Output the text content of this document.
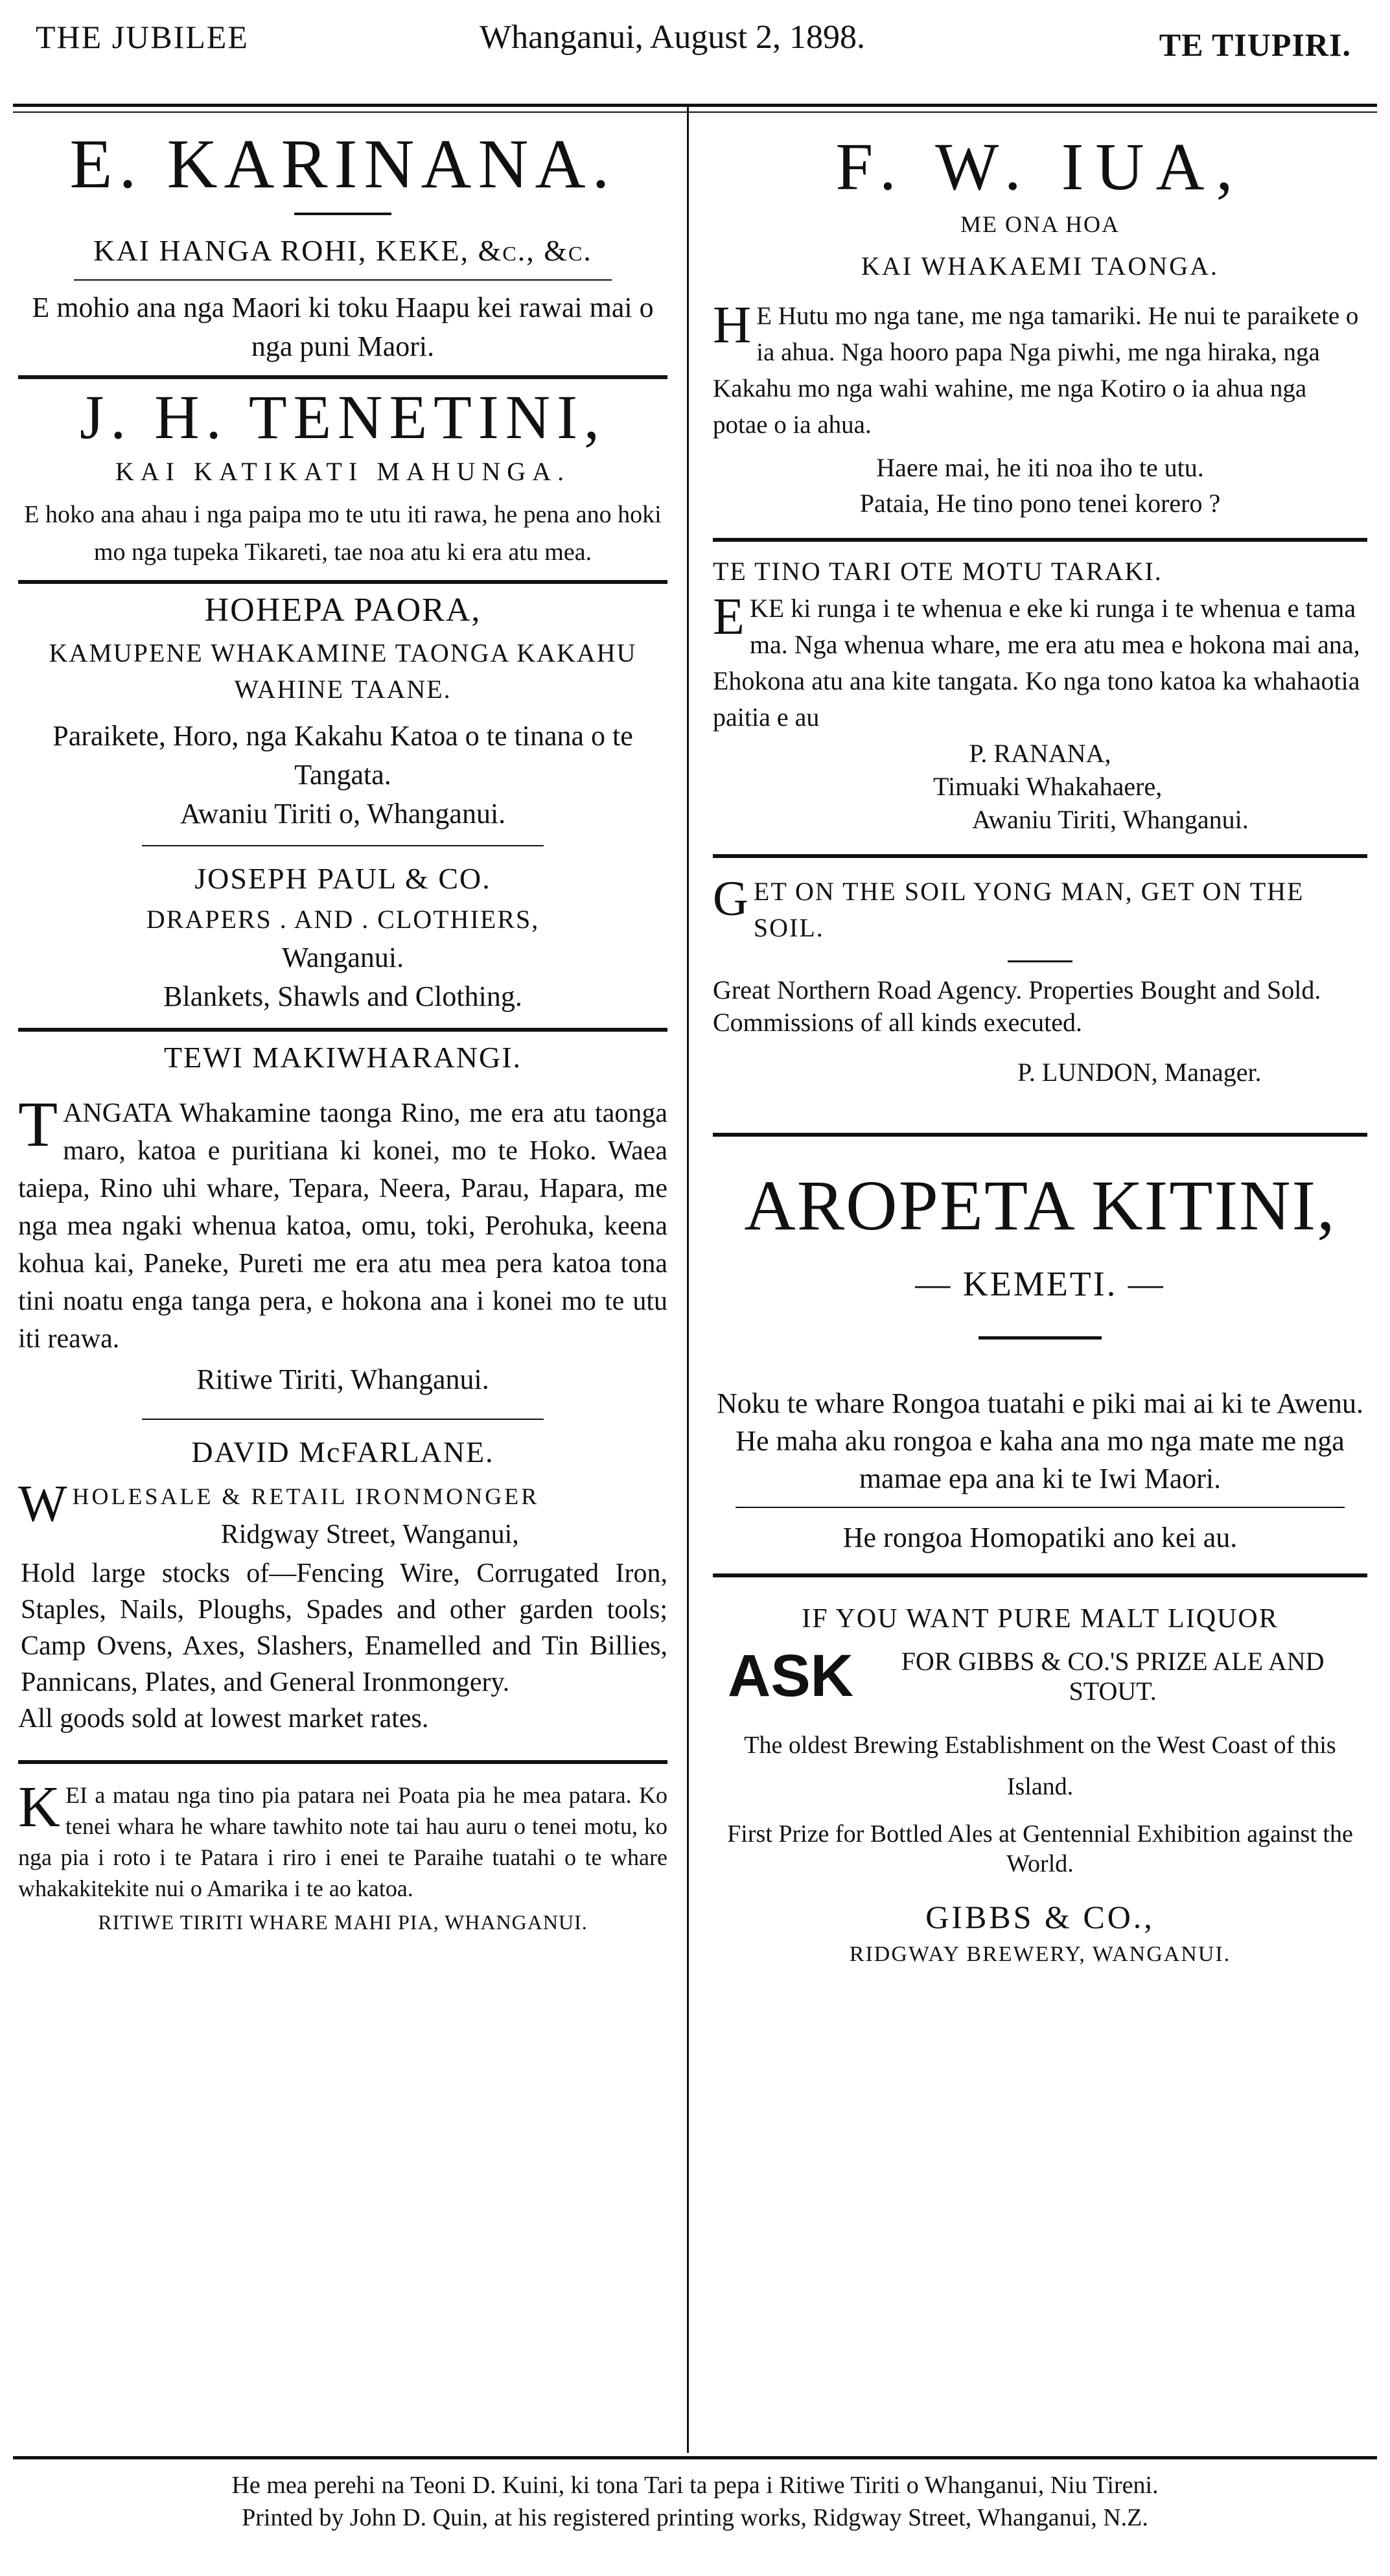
THE JUBILEE	Whanganui, August 2, 1898.	TE TIUPIRI.
E. KARINANA.
KAI HANGA ROHI, KEKE, &c., &c.

E mohio ana nga Maori ki toku Haapu kei rawai mai o nga puni Maori.

J. H. TENETINI,
KAI KATIKATI MAHUNGA.

E hoko ana ahau i nga paipa mo te utu iti rawa, he pena ano hoki mo nga tupeka Tikareti, tae noa atu ki era atu mea.

HOHEPA PAORA,
KAMUPENE WHAKAMINE TAONGA KAKAHU WAHINE TAANE.

Paraikete, Horo, nga Kakahu Katoa o te tinana o te Tangata.

Awaniu Tiriti o, Whanganui.

JOSEPH PAUL & CO.
DRAPERS . AND . CLOTHIERS,

Wanganui.

Blankets, Shawls and Clothing.

TEWI MAKIWHARANGI.
T ANGATA Whakamine taonga Rino, me era atu taonga maro, katoa e puritiana ki konei, mo te Hoko. Waea taiepa, Rino uhi whare, Tepara, Neera, Parau, Hapara, me nga mea ngaki whenua katoa, omu, toki, Perohuka, keena kohua kai, Paneke, Pureti me era atu mea pera katoa tona tini noatu enga tanga pera, e hokona ana i konei mo te utu iti reawa.

Ritiwe Tiriti, Whanganui.

DAVID McFARLANE.
W HOLESALE & RETAIL IRONMONGER
Ridgway Street, Wanganui,

Hold large stocks of—Fencing Wire, Corrugated Iron, Staples, Nails, Ploughs, Spades and other garden tools; Camp Ovens, Axes, Slashers, Enamelled and Tin Billies, Pannicans, Plates, and General Ironmongery.

All goods sold at lowest market rates.

K EI a matau nga tino pia patara nei Poata pia he mea patara. Ko tenei whara he whare tawhito note tai hau auru o tenei motu, ko nga pia i roto i te Patara i riro i enei te Paraihe tuatahi o te whare whakakitekite nui o Amarika i te ao katoa.

RITIWE TIRITI WHARE MAHI PIA, WHANGANUI.
F. W. IUA,
ME ONA HOA
KAI WHAKAEMI TAONGA.
H E Hutu mo nga tane, me nga tamariki. He nui te paraikete o ia ahua. Nga hooro papa Nga piwhi, me nga hiraka, nga Kakahu mo nga wahi wahine, me nga Kotiro o ia ahua nga potae o ia ahua.

Haere mai, he iti noa iho te utu.

Pataia, He tino pono tenei korero ?

TE TINO TARI OTE MOTU TARAKI.
E KE ki runga i te whenua e eke ki runga i te whenua e tama ma. Nga whenua whare, me era atu mea e hokona mai ana, Ehokona atu ana kite tangata. Ko nga tono katoa ka whahaotia paitia e au

P. RANANA,

Timuaki Whakahaere,

Awaniu Tiriti, Whanganui.

G ET ON THE SOIL YONG MAN, GET ON THE SOIL.

Great Northern Road Agency. Properties Bought and Sold. Commissions of all kinds executed.

P. LUNDON, Manager.

AROPETA KITINI,
— KEMETI. —

Noku te whare Rongoa tuatahi e piki mai ai ki te Awenu. He maha aku rongoa e kaha ana mo nga mate me nga mamae epa ana ki te Iwi Maori.

He rongoa Homopatiki ano kei au.

IF YOU WANT PURE MALT LIQUOR
ASK	FOR GIBBS & CO.'S PRIZE ALE AND STOUT.

The oldest Brewing Establishment on the West Coast of this Island.

First Prize for Bottled Ales at Gentennial Exhibition against the World.

GIBBS & CO.,
RIDGWAY BREWERY, WANGANUI.

He mea perehi na Teoni D. Kuini, ki tona Tari ta pepa i Ritiwe Tiriti o Whanganui, Niu Tireni.

Printed by John D. Quin, at his registered printing works, Ridgway Street, Whanganui, N.Z.
